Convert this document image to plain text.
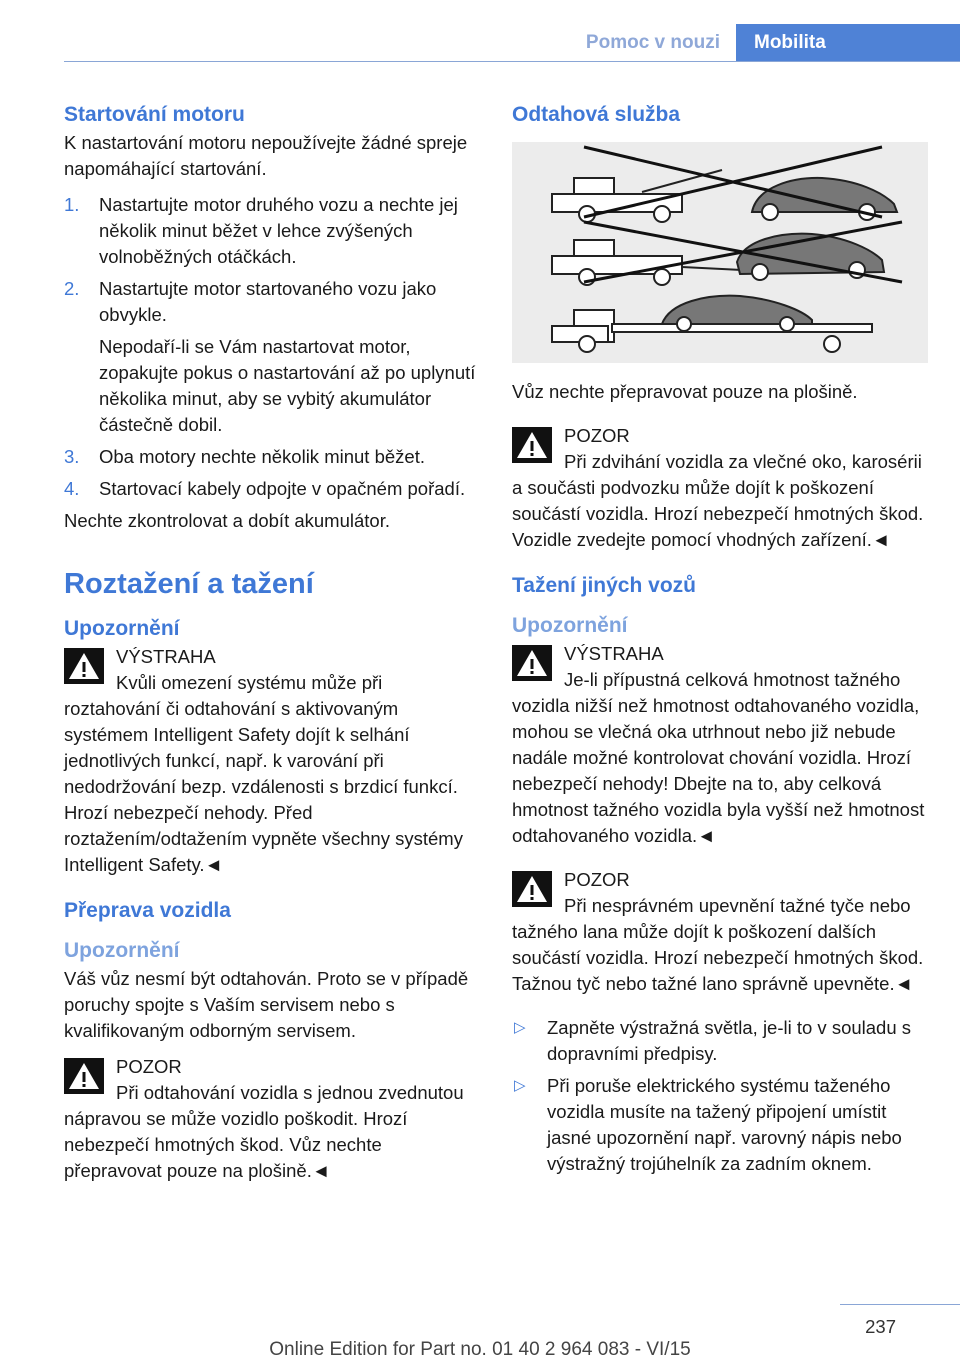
Pomoc v nouzi	Mobilita
Startování motoru
K nastartování motoru nepoužívejte žádné spreje napomáhající startování.
1. Nastartujte motor druhého vozu a nechte jej několik minut běžet v lehce zvýšených volnoběžných otáčkách.
2. Nastartujte motor startovaného vozu jako obvykle.
Nepodaří-li se Vám nastartovat motor, zopakujte pokus o nastartování až po uplynutí několika minut, aby se vybitý akumulátor částečně dobil.
3. Oba motory nechte několik minut běžet.
4. Startovací kabely odpojte v opačném pořadí.
Nechte zkontrolovat a dobít akumulátor.
Roztažení a tažení
Upozornění
VÝSTRAHA
Kvůli omezení systému může při roztahování či odtahování s aktivovaným systémem Intelligent Safety dojít k selhání jednotlivých funkcí, např. k varování při nedodržování bezp. vzdálenosti s brzdicí funkcí. Hrozí nebezpečí nehody. Před roztažením/odtažením vypněte všechny systémy Intelligent Safety.◄
Přeprava vozidla
Upozornění
Váš vůz nesmí být odtahován. Proto se v případě poruchy spojte s Vaším servisem nebo s kvalifikovaným odborným servisem.
POZOR
Při odtahování vozidla s jednou zvednutou nápravou se může vozidlo poškodit. Hrozí nebezpečí hmotných škod. Vůz nechte přepravovat pouze na plošině.◄
Odtahová služba
Vůz nechte přepravovat pouze na plošině.
POZOR
Při zdvihání vozidla za vlečné oko, karosérii a součásti podvozku může dojít k poškození součástí vozidla. Hrozí nebezpečí hmotných škod. Vozidle zvedejte pomocí vhodných zařízení.◄
Tažení jiných vozů
Upozornění
VÝSTRAHA
Je-li přípustná celková hmotnost tažného vozidla nižší než hmotnost odtahovaného vozidla, mohou se vlečná oka utrhnout nebo již nebude nadále možné kontrolovat chování vozidla. Hrozí nebezpečí nehody! Dbejte na to, aby celková hmotnost tažného vozidla byla vyšší než hmotnost odtahovaného vozidla.◄
POZOR
Při nesprávném upevnění tažné tyče nebo tažného lana může dojít k poškození dalších součástí vozidla. Hrozí nebezpečí hmotných škod. Tažnou tyč nebo tažné lano správně upevněte.◄
▷ Zapněte výstražná světla, je-li to v souladu s dopravními předpisy.
▷ Při poruše elektrického systému taženého vozidla musíte na tažený připojení umístit jasné upozornění např. varovný nápis nebo výstražný trojúhelník za zadním oknem.
237
Online Edition for Part no. 01 40 2 964 083 - VI/15
